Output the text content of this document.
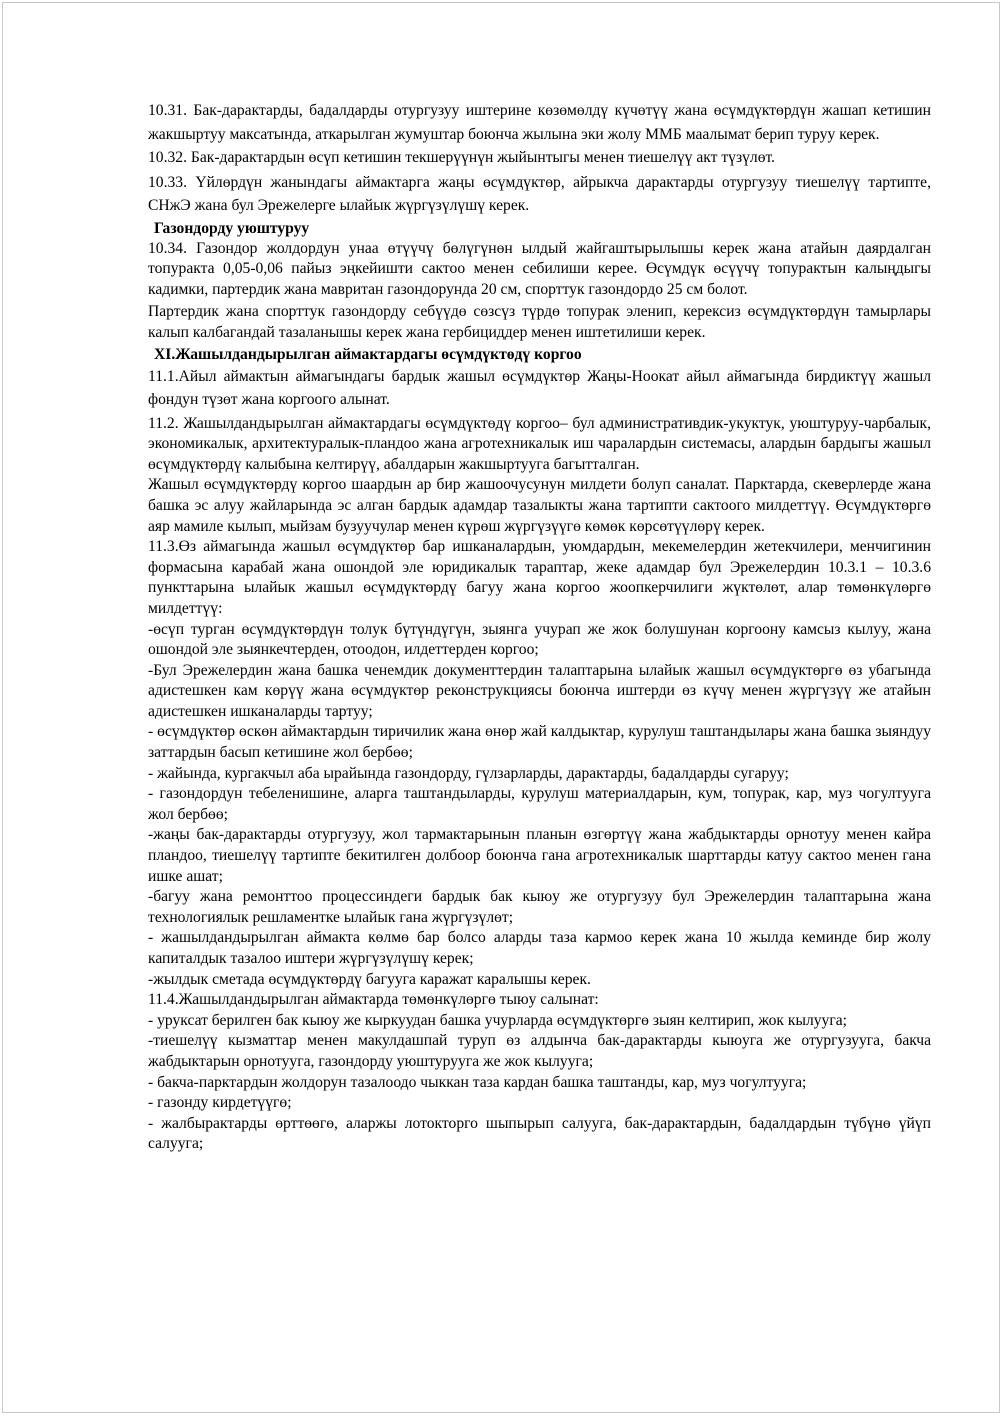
10.31. Бак-дарактарды, бадалдарды отургузуу иштерине көзөмөлдү күчөтүү жана өсүмдүктөрдүн жашап кетишин жакшыртуу максатында, аткарылган жумуштар боюнча жылына эки жолу ММБ маалымат берип туруу керек.

10.32. Бак-дарактардын өсүп кетишин текшерүүнүн жыйынтыгы менен тиешелүү акт түзүлөт.

10.33. Үйлөрдүн жанындагы аймактарга жаңы өсүмдүктөр, айрыкча дарактарды отургузуу тиешелүү тартипте, СНжЭ жана бул Эрежелерге ылайык жүргүзүлүшү керек.

Газондорду уюштуруу

10.34. Газондор жолдордун унаа өтүүчү бөлүгүнөн ылдый жайгаштырылышы керек жана атайын даярдалган топуракта 0,05-0,06 пайыз эңкейишти сактоо менен себилиши керее. Өсүмдүк өсүүчү топурактын калыңдыгы кадимки, партердик жана мавритан газондорунда 20 см, спорттук газондордо 25 см болот.

Партердик жана спорттук газондорду себүүдө сөзсүз түрдө топурак эленип, керексиз өсүмдүктөрдүн тамырлары калып калбагандай тазаланышы керек жана гербициддер менен иштетилиши керек.

XI.Жашылдандырылган аймактардагы өсүмдүктөдү коргоо

11.1.Айыл аймактын аймагындагы бардык жашыл өсүмдүктөр Жаңы-Ноокат айыл аймагында бирдиктүү жашыл фондун түзөт жана коргоого алынат.

11.2. Жашылдандырылган аймактардагы өсүмдүктөдү коргоо– бул административдик-укуктук, уюштуруу-чарбалык, экономикалык, архитектуралык-пландоо жана агротехникалык иш чаралардын системасы, алардын бардыгы жашыл өсүмдүктөрдү калыбына келтирүү, абалдарын жакшыртууга багытталган.

Жашыл өсүмдүктөрдү коргоо шаардын ар бир жашоочусунун милдети болуп саналат. Парктарда, скеверлерде жана башка эс алуу жайларында эс алган бардык адамдар тазалыкты жана тартипти сактоого милдеттүү. Өсүмдүктөргө аяр мамиле кылып, мыйзам бузуучулар менен күрөш жүргүзүүгө көмөк көрсөтүүлөрү керек.

11.3.Өз аймагында жашыл өсүмдүктөр бар ишканалардын, уюмдардын, мекемелердин жетекчилери, менчигинин формасына карабай жана ошондой эле юридикалык тараптар, жеке адамдар бул Эрежелердин 10.3.1 – 10.3.6 пункттарына ылайык жашыл өсүмдүктөрдү багуу жана коргоо жоопкерчилиги жүктөлөт, алар төмөнкүлөргө милдеттүү:

-өсүп турган өсүмдүктөрдүн толук бүтүндүгүн, зыянга учурап же жок болушунан коргоону камсыз кылуу, жана ошондой эле зыянкечтерден, отоодон, илдеттерден коргоо;

-Бул Эрежелердин жана башка ченемдик документтердин талаптарына ылайык жашыл өсүмдүктөргө өз убагында адистешкен кам көрүү жана өсүмдүктөр реконструкциясы боюнча иштерди өз күчү менен жүргүзүү же атайын адистешкен ишканаларды тартуу;

- өсүмдүктөр өскөн аймактардын тиричилик жана өнөр жай калдыктар, курулуш таштандылары жана башка зыяндуу заттардын басып кетишине жол бербөө;

- жайында, кургакчыл аба ырайында газондорду, гүлзарларды, дарактарды, бадалдарды сугаруу;

- газондордун тебеленишине, аларга таштандыларды, курулуш материалдарын, кум, топурак, кар, муз чогултууга жол бербөө;

-жаңы бак-дарактарды отургузуу, жол тармактарынын планын өзгөртүү жана жабдыктарды орнотуу менен кайра пландоо, тиешелүү тартипте бекитилген долбоор боюнча гана агротехникалык шарттарды катуу сактоо менен гана ишке ашат;

-багуу жана ремонттоо процессиндеги бардык бак кыюу же отургузуу бул Эрежелердин талаптарына жана технологиялык решламентке ылайык гана жүргүзүлөт;

- жашылдандырылган аймакта көлмө бар болсо аларды таза кармоо керек жана 10 жылда кеминде бир жолу капиталдык тазалоо иштери жүргүзүлүшү керек;

-жылдык сметада өсүмдүктөрдү багууга каражат каралышы керек.

11.4.Жашылдандырылган аймактарда төмөнкүлөргө тыюу салынат:

- уруксат берилген бак кыюу же кыркуудан башка учурларда өсүмдүктөргө зыян келтирип, жок кылууга;

-тиешелүү кызматтар менен макулдашпай туруп өз алдынча бак-дарактарды кыюуга же отургузууга, бакча жабдыктарын орнотууга, газондорду уюштурууга же жок кылууга;

- бакча-парктардын жолдорун тазалоодо чыккан таза кардан башка таштанды, кар, муз чогултууга;

- газонду кирдетүүгө;

- жалбырактарды өрттөөгө, аларжы лотокторго шыпырып салууга, бак-дарактардын, бадалдардын түбүнө үйүп салууга;
